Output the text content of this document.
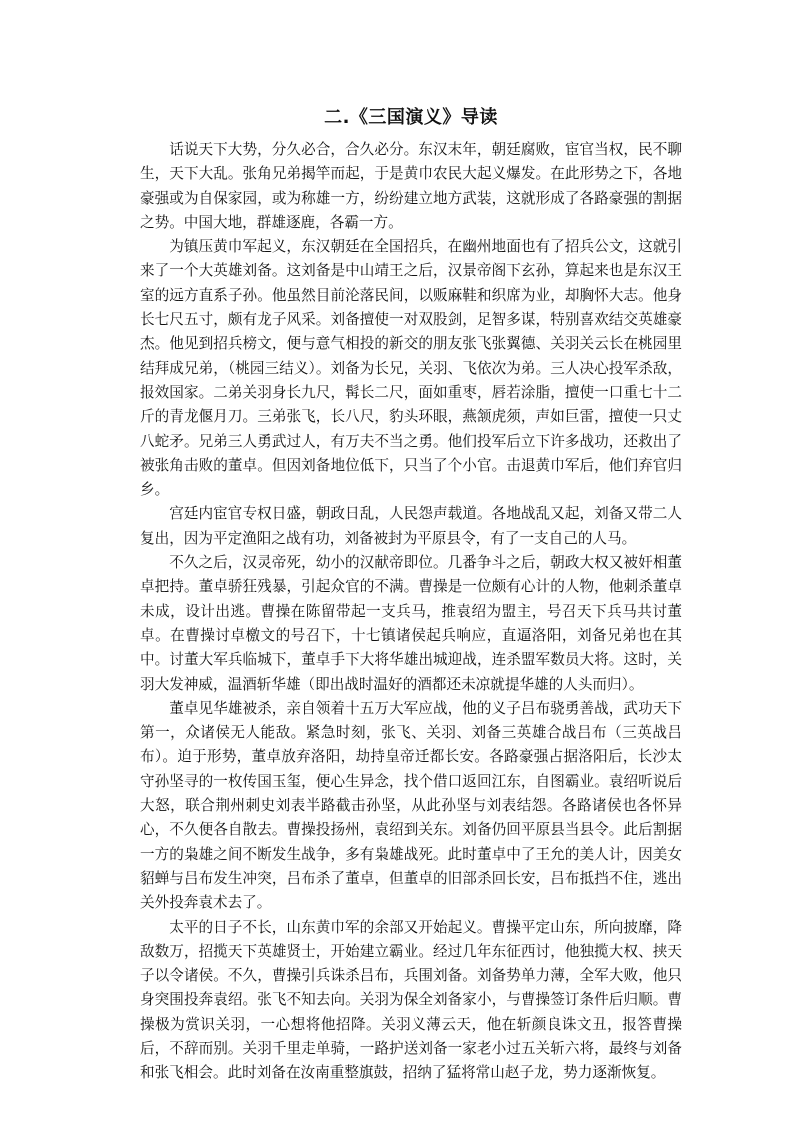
二.《三国演义》导读

话说天下大势，分久必合，合久必分。东汉末年，朝廷腐败，宦官当权，民不聊生，天下大乱。张角兄弟揭竿而起，于是黄巾农民大起义爆发。在此形势之下，各地豪强或为自保家园，或为称雄一方，纷纷建立地方武装，这就形成了各路豪强的割据之势。中国大地，群雄逐鹿，各霸一方。

为镇压黄巾军起义，东汉朝廷在全国招兵，在幽州地面也有了招兵公文，这就引来了一个大英雄刘备。这刘备是中山靖王之后，汉景帝阁下玄孙，算起来也是东汉王室的远方直系子孙。他虽然目前沦落民间，以贩麻鞋和织席为业，却胸怀大志。他身长七尺五寸，颇有龙子风采。刘备擅使一对双股剑，足智多谋，特别喜欢结交英雄豪杰。他见到招兵榜文，便与意气相投的新交的朋友张飞张翼德、关羽关云长在桃园里结拜成兄弟，（桃园三结义）。刘备为长兄，关羽、飞依次为弟。三人决心投军杀敌，报效国家。二弟关羽身长九尺，髯长二尺，面如重枣，唇若涂脂，擅使一口重七十二斤的青龙偃月刀。三弟张飞，长八尺，豹头环眼，燕颔虎须，声如巨雷，擅使一只丈八蛇矛。兄弟三人勇武过人，有万夫不当之勇。他们投军后立下许多战功，还救出了被张角击败的董卓。但因刘备地位低下，只当了个小官。击退黄巾军后，他们弃官归乡。

宫廷内宦官专权日盛，朝政日乱，人民怨声载道。各地战乱又起，刘备又带二人复出，因为平定渔阳之战有功，刘备被封为平原县令，有了一支自己的人马。

不久之后，汉灵帝死，幼小的汉献帝即位。几番争斗之后，朝政大权又被奸相董卓把持。董卓骄狂残暴，引起众官的不满。曹操是一位颇有心计的人物，他刺杀董卓未成，设计出逃。曹操在陈留带起一支兵马，推袁绍为盟主，号召天下兵马共讨董卓。在曹操讨卓檄文的号召下，十七镇诸侯起兵响应，直逼洛阳，刘备兄弟也在其中。讨董大军兵临城下，董卓手下大将华雄出城迎战，连杀盟军数员大将。这时，关羽大发神威，温酒斩华雄（即出战时温好的酒都还未凉就提华雄的人头而归）。

董卓见华雄被杀，亲自领着十五万大军应战，他的义子吕布骁勇善战，武功天下第一，众诸侯无人能敌。紧急时刻，张飞、关羽、刘备三英雄合战吕布（三英战吕布）。迫于形势，董卓放弃洛阳，劫持皇帝迁都长安。各路豪强占据洛阳后，长沙太守孙坚寻的一枚传国玉玺，便心生异念，找个借口返回江东，自图霸业。袁绍听说后大怒，联合荆州刺史刘表半路截击孙坚，从此孙坚与刘表结怨。各路诸侯也各怀异心，不久便各自散去。曹操投扬州，袁绍到关东。刘备仍回平原县当县令。此后割据一方的枭雄之间不断发生战争，多有枭雄战死。此时董卓中了王允的美人计，因美女貂蝉与吕布发生冲突，吕布杀了董卓，但董卓的旧部杀回长安，吕布抵挡不住，逃出关外投奔袁术去了。

太平的日子不长，山东黄巾军的余部又开始起义。曹操平定山东，所向披靡，降敌数万，招揽天下英雄贤士，开始建立霸业。经过几年东征西讨，他独揽大权、挟天子以令诸侯。不久，曹操引兵诛杀吕布，兵围刘备。刘备势单力薄，全军大败，他只身突围投奔袁绍。张飞不知去向。关羽为保全刘备家小，与曹操签订条件后归顺。曹操极为赏识关羽，一心想将他招降。关羽义薄云天，他在斩颜良诛文丑，报答曹操后，不辞而别。关羽千里走单骑，一路护送刘备一家老小过五关斩六将，最终与刘备和张飞相会。此时刘备在汝南重整旗鼓，招纳了猛将常山赵子龙，势力逐渐恢复。
